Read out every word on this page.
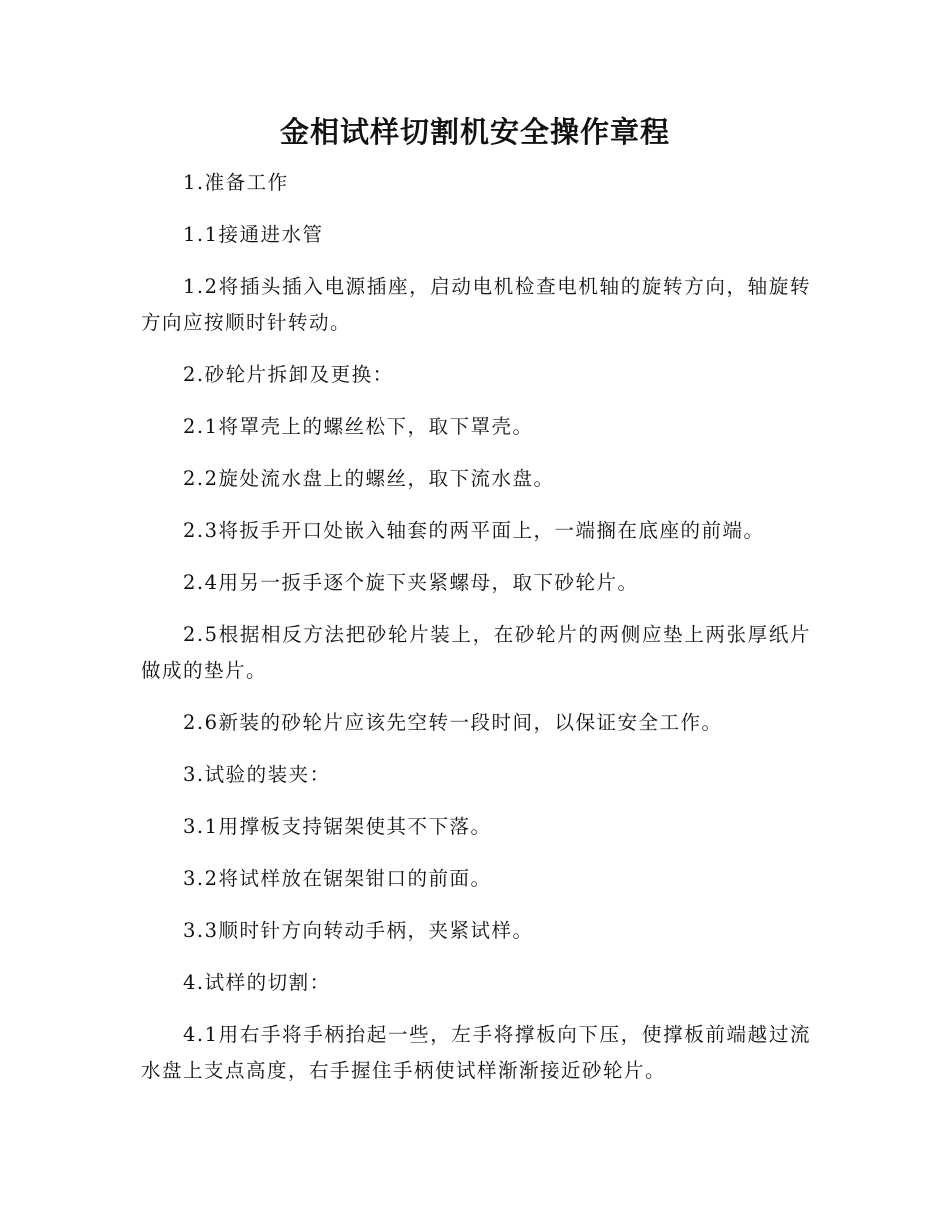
金相试样切割机安全操作章程

1.准备工作

1.1接通进水管

1.2将插头插入电源插座，启动电机检查电机轴的旋转方向，轴旋转方向应按顺时针转动。

2.砂轮片拆卸及更换：

2.1将罩壳上的螺丝松下，取下罩壳。

2.2旋处流水盘上的螺丝，取下流水盘。

2.3将扳手开口处嵌入轴套的两平面上，一端搁在底座的前端。

2.4用另一扳手逐个旋下夹紧螺母，取下砂轮片。

2.5根据相反方法把砂轮片装上，在砂轮片的两侧应垫上两张厚纸片做成的垫片。

2.6新装的砂轮片应该先空转一段时间，以保证安全工作。

3.试验的装夹：

3.1用撑板支持锯架使其不下落。

3.2将试样放在锯架钳口的前面。

3.3顺时针方向转动手柄，夹紧试样。

4.试样的切割：

4.1用右手将手柄抬起一些，左手将撑板向下压，使撑板前端越过流水盘上支点高度，右手握住手柄使试样渐渐接近砂轮片。
